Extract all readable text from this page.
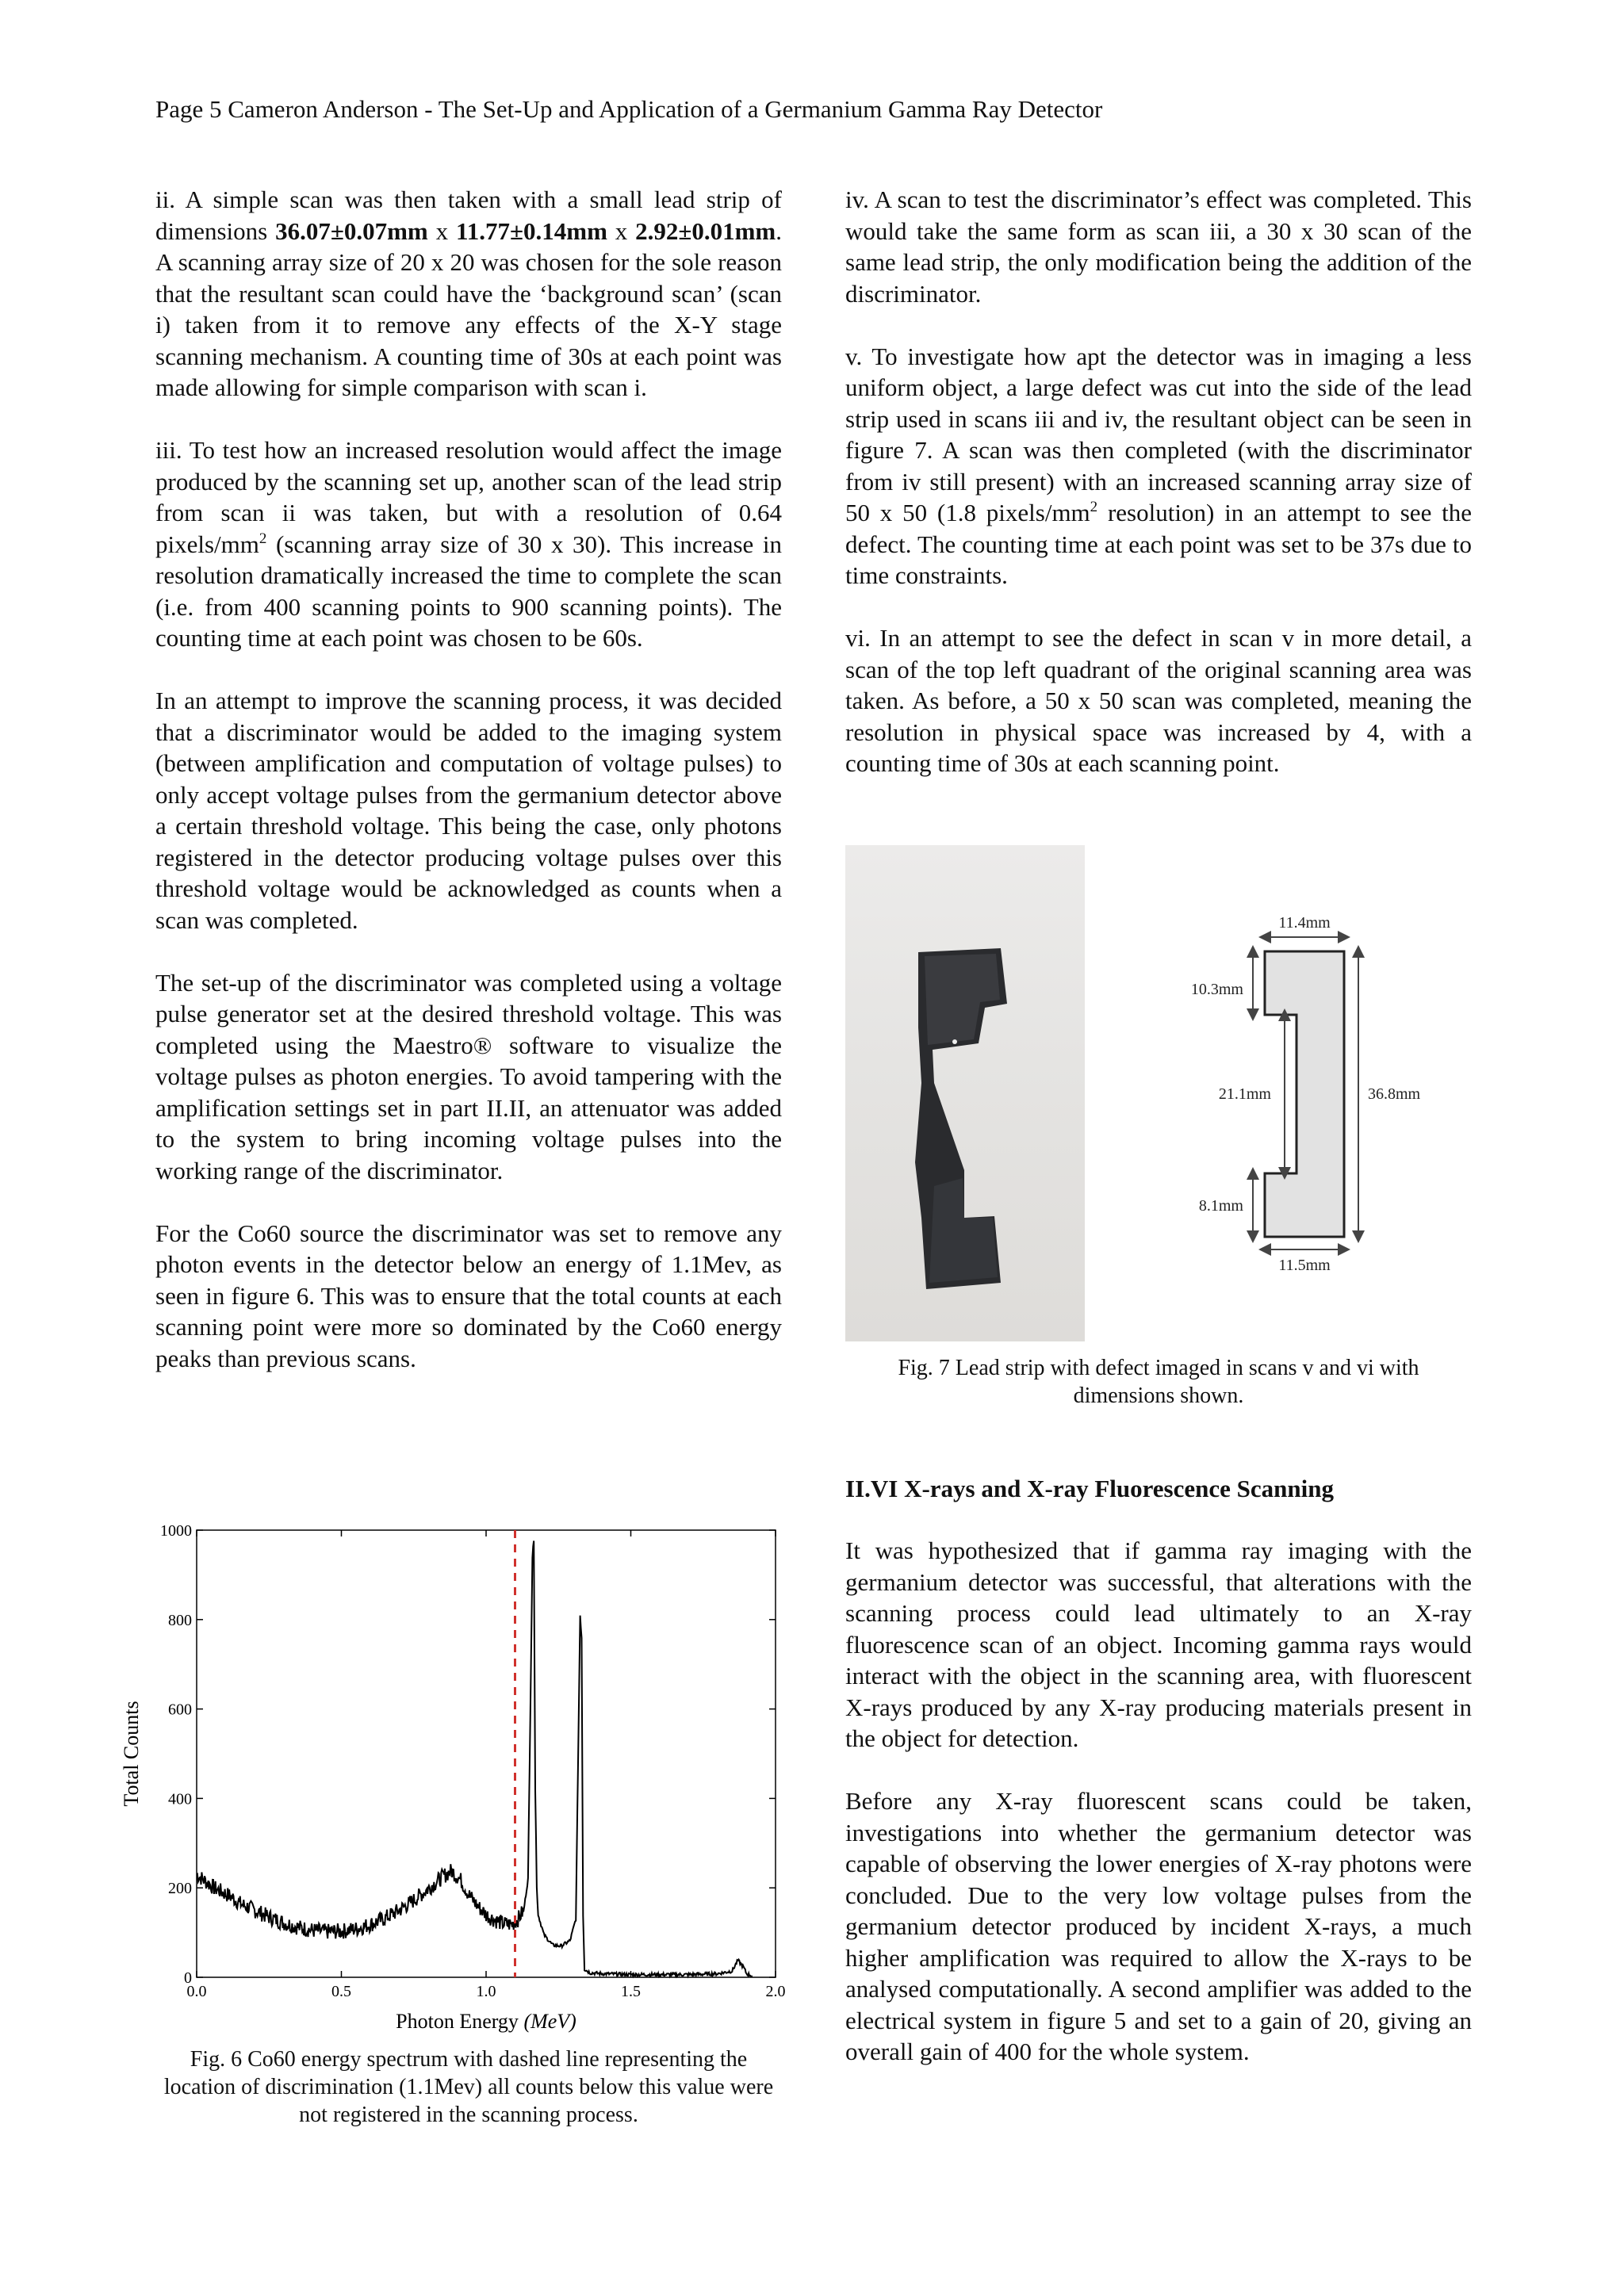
Page 5 Cameron Anderson - The Set-Up and Application of a Germanium Gamma Ray Detector

ii. A simple scan was then taken with a small lead strip of dimensions 36.07±0.07mm x 11.77±0.14mm x 2.92±0.01mm. A scanning array size of 20 x 20 was chosen for the sole reason that the resultant scan could have the ‘background scan’ (scan i) taken from it to remove any effects of the X-Y stage scanning mechanism. A counting time of 30s at each point was made allowing for simple comparison with scan i.

iii. To test how an increased resolution would affect the image produced by the scanning set up, another scan of the lead strip from scan ii was taken, but with a resolution of 0.64 pixels/$mm^2$ (scanning array size of 30 x 30). This increase in resolution dramatically increased the time to complete the scan (i.e. from 400 scanning points to 900 scanning points). The counting time at each point was chosen to be 60s.

In an attempt to improve the scanning process, it was decided that a discriminator would be added to the imaging system (between amplification and computation of voltage pulses) to only accept voltage pulses from the germanium detector above a certain threshold voltage. This being the case, only photons registered in the detector producing voltage pulses over this threshold voltage would be acknowledged as counts when a scan was completed.

The set-up of the discriminator was completed using a voltage pulse generator set at the desired threshold voltage. This was completed using the Maestro® software to visualize the voltage pulses as photon energies. To avoid tampering with the amplification settings set in part II.II, an attenuator was added to the system to bring incoming voltage pulses into the working range of the discriminator.

For the Co60 source the discriminator was set to remove any photon events in the detector below an energy of 1.1Mev, as seen in figure 6. This was to ensure that the total counts at each scanning point were more so dominated by the Co60 energy peaks than previous scans.

0
200
400
600
800
1000
0.0	0.5	1.0	1.5	2.0
Photon Energy (MeV)
Total Counts
Fig. 6 Co60 energy spectrum with dashed line representing the location of discrimination (1.1Mev) all counts below this value were not registered in the scanning process.

iv. A scan to test the discriminator’s effect was completed. This would take the same form as scan iii, a 30 x 30 scan of the same lead strip, the only modification being the addition of the discriminator.

v. To investigate how apt the detector was in imaging a less uniform object, a large defect was cut into the side of the lead strip used in scans iii and iv, the resultant object can be seen in figure 7. A scan was then completed (with the discriminator from iv still present) with an increased scanning array size of 50 x 50 (1.8 pixels/$mm^2$ resolution) in an attempt to see the defect. The counting time at each point was set to be 37s due to time constraints.

vi. In an attempt to see the defect in scan v in more detail, a scan of the top left quadrant of the original scanning area was taken. As before, a 50 x 50 scan was completed, meaning the resolution in physical space was increased by 4, with a counting time of 30s at each scanning point.

11.4mm
10.3mm
21.1mm	36.8mm
8.1mm
11.5mm
Fig. 7 Lead strip with defect imaged in scans v and vi with dimensions shown.
II.VI X-rays and X-ray Fluorescence Scanning

It was hypothesized that if gamma ray imaging with the germanium detector was successful, that alterations with the scanning process could lead ultimately to an X-ray fluorescence scan of an object. Incoming gamma rays would interact with the object in the scanning area, with fluorescent X-rays produced by any X-ray producing materials present in the object for detection.

Before any X-ray fluorescent scans could be taken, investigations into whether the germanium detector was capable of observing the lower energies of X-ray photons were concluded. Due to the very low voltage pulses from the germanium detector produced by incident X-rays, a much higher amplification was required to allow the X-rays to be analysed computationally. A second amplifier was added to the electrical system in figure 5 and set to a gain of 20, giving an overall gain of 400 for the whole system.
